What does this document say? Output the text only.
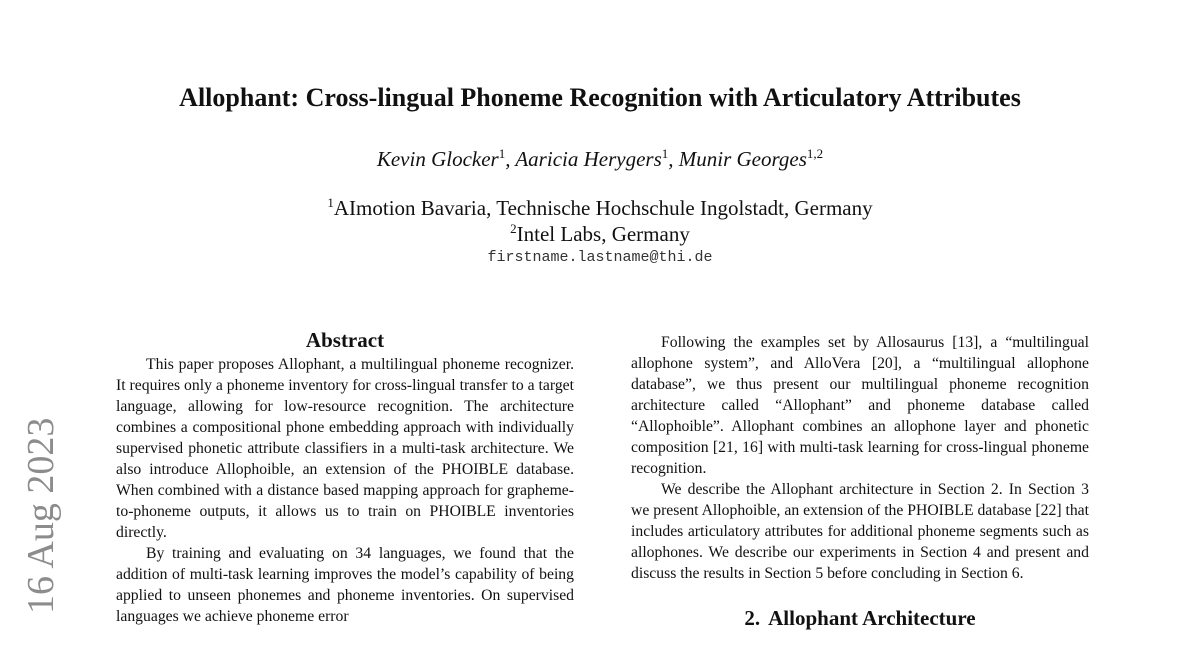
Allophant: Cross-lingual Phoneme Recognition with Articulatory Attributes
Kevin Glocker$^1$, Aaricia Herygers$^1$, Munir Georges$^{1,2}$
$^1$AImotion Bavaria, Technische Hochschule Ingolstadt, Germany
$^2$Intel Labs, Germany
firstname.lastname@thi.de
16 Aug 2023
Abstract

This paper proposes Allophant, a multilingual phoneme recognizer. It requires only a phoneme inventory for cross-lingual transfer to a target language, allowing for low-resource recognition. The architecture combines a compositional phone embedding approach with individually supervised phonetic attribute classifiers in a multi-task architecture. We also introduce Allophoible, an extension of the PHOIBLE database. When combined with a distance based mapping approach for grapheme-to-phoneme outputs, it allows us to train on PHOIBLE inventories directly.

By training and evaluating on 34 languages, we found that the addition of multi-task learning improves the model’s capability of being applied to unseen phonemes and phoneme inventories. On supervised languages we achieve phoneme error

Following the examples set by Allosaurus [13], a “multilingual allophone system”, and AlloVera [20], a “multilingual allophone database”, we thus present our multilingual phoneme recognition architecture called “Allophant” and phoneme database called “Allophoible”. Allophant combines an allophone layer and phonetic composition [21, 16] with multi-task learning for cross-lingual phoneme recognition.

We describe the Allophant architecture in Section 2. In Section 3 we present Allophoible, an extension of the PHOIBLE database [22] that includes articulatory attributes for additional phoneme segments such as allophones. We describe our experiments in Section 4 and present and discuss the results in Section 5 before concluding in Section 6.

2. Allophant Architecture
